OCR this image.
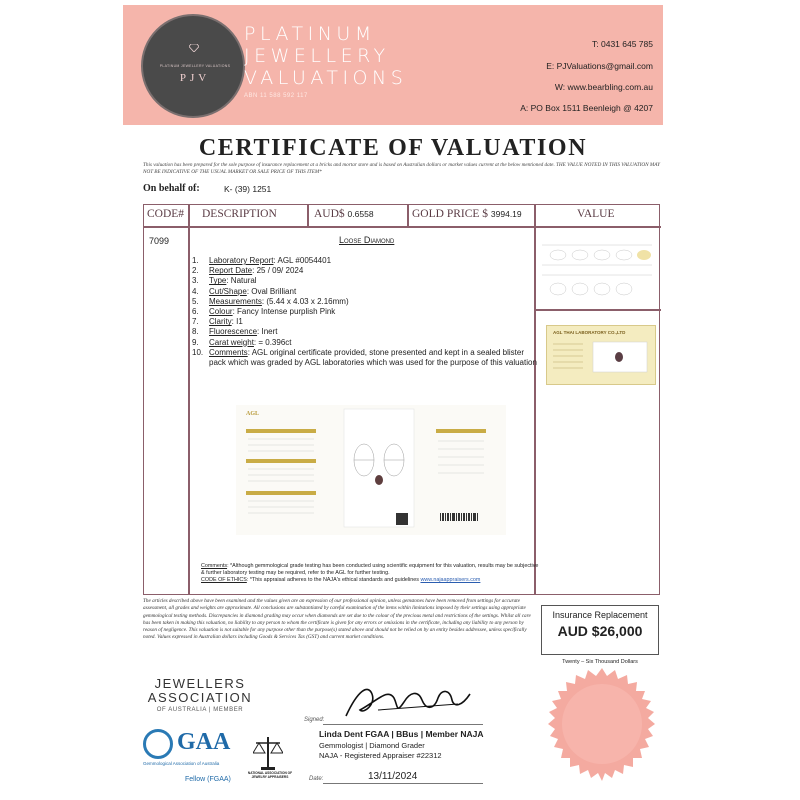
PLATINUM JEWELLERY VALUATIONS
PJV
PLATINUM
JEWELLERY
VALUATIONS
ABN 11 588 592 117
T: 0431 645 785
E: PJValuations@gmail.com
W: www.bearbling.com.au
A: PO Box 1511 Beenleigh @ 4207
CERTIFICATE OF VALUATION
This valuation has been prepared for the sole purpose of insurance replacement at a bricks and mortar store and is based on Australian dollars or market values current at the below mentioned date. THE VALUE NOTED IN THIS VALUATION MAY NOT BE INDICATIVE OF THE USUAL MARKET OR SALE PRICE OF THIS ITEM*
On behalf of:	K- (39) 1251
CODE# DESCRIPTION	AUD$ 0.6558	GOLD PRICE $ 3994.19	VALUE
7099	Loose Diamond
1. Laboratory Report: AGL #0054401
2. Report Date: 25 / 09/ 2024
3. Type: Natural
4. Cut/Shape: Oval Brilliant
5. Measurements: (5.44 x 4.03 x 2.16mm)
6. Colour: Fancy Intense purplish Pink
7. Clarity: I1
8. Fluorescence: Inert
9. Carat weight: = 0.396ct
10. Comments: AGL original certificate provided, stone presented and kept in a sealed blister pack which was graded by AGL laboratories which was used for the purpose of this valuation
AGL
Comments: *Although gemmological grade testing has been conducted using scientific equipment for this valuation, results may be subjective & further laboratory testing may be required, refer to the AGL for further testing.
CODE OF ETHICS: *This appraisal adheres to the NAJA's ethical standards and guidelines www.najaappraisers.com
AGL THAI LABORATORY CO.,LTD
The articles described above have been examined and the values given are an expression of our professional opinion, unless gemstones have been removed from settings for accurate assessment, all grades and weights are approximate. All conclusions are substantiated by careful examination of the items within limitations imposed by their settings using appropriate gemmological testing methods. Discrepancies in diamond grading may occur when diamonds are set due to the colour of the precious metal and restrictions of the settings. Whilst all care has been taken in making this valuation, no liability to any person to whom the certificate is given for any errors or omissions in the certificate, including any liability to any person by reason of negligence. This valuation is not suitable for any purpose other than the purpose(s) stated above and should not be relied on by an entity besides addressee, unless specifically noted. Values expressed in Australian dollars including Goods & Services Tax (GST) and current market conditions.
Insurance Replacement
AUD $26,000
Twenty – Six Thousand Dollars
JEWELLERS
ASSOCIATION
OF AUSTRALIA | MEMBER
GAA
Gemmological Association of Australia
Fellow (FGAA)
NATIONAL ASSOCIATION OF JEWELRY APPRAISERS
Signed:
Linda Dent FGAA | BBus | Member NAJA
Gemmologist | Diamond Grader
NAJA - Registered Appraiser #22312
Date:	13/11/2024
